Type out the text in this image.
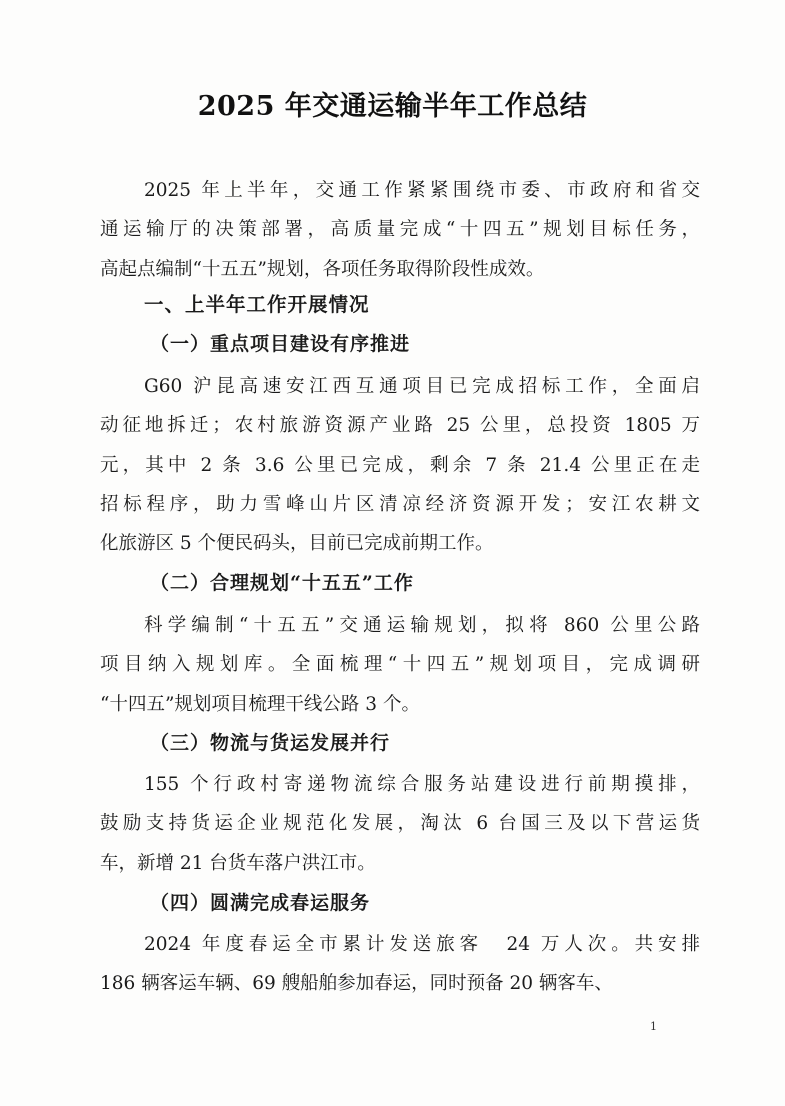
2025 年交通运输半年工作总结
2025 年上半年，交通工作紧紧围绕市委、市政府和省交
通运输厅的决策部署，高质量完成“十四五”规划目标任务，
高起点编制“十五五”规划，各项任务取得阶段性成效。
一、上半年工作开展情况
（一）重点项目建设有序推进
G60 沪昆高速安江西互通项目已完成招标工作，全面启
动征地拆迁；农村旅游资源产业路 25 公里，总投资 1805 万
元，其中 2 条 3.6 公里已完成，剩余 7 条 21.4 公里正在走
招标程序，助力雪峰山片区清凉经济资源开发；安江农耕文
化旅游区 5 个便民码头，目前已完成前期工作。
（二）合理规划“十五五”工作
科学编制“十五五”交通运输规划，拟将 860 公里公路
项目纳入规划库。全面梳理“十四五”规划项目，完成调研
“十四五”规划项目梳理干线公路 3 个。
（三）物流与货运发展并行
155 个行政村寄递物流综合服务站建设进行前期摸排，
鼓励支持货运企业规范化发展，淘汰 6 台国三及以下营运货
车，新增 21 台货车落户洪江市。
（四）圆满完成春运服务
2024 年度春运全市累计发送旅客　24 万人次。共安排
186 辆客运车辆、69 艘船舶参加春运，同时预备 20 辆客车、
1
